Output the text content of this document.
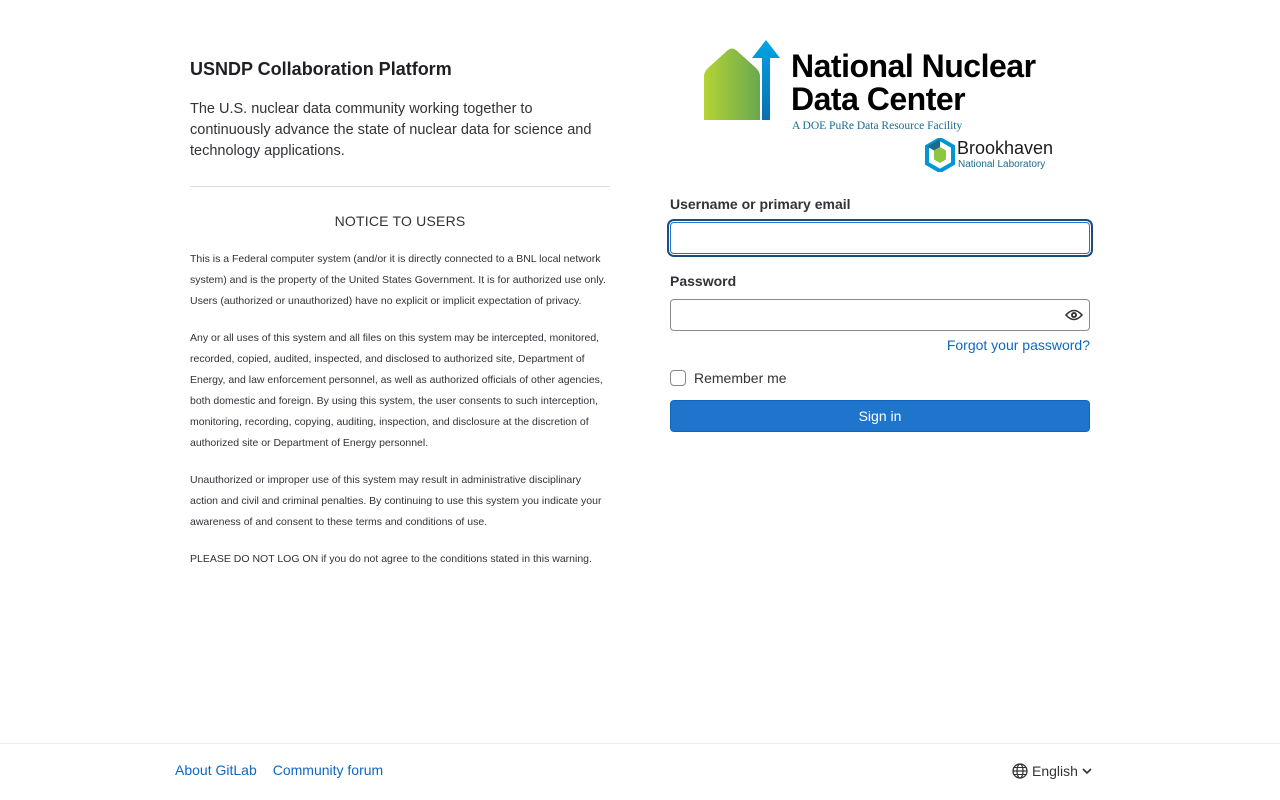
USNDP Collaboration Platform

The U.S. nuclear data community working together to continuously advance the state of nuclear data for science and technology applications.

NOTICE TO USERS

This is a Federal computer system (and/or it is directly connected to a BNL local network system) and is the property of the United States Government. It is for authorized use only. Users (authorized or unauthorized) have no explicit or implicit expectation of privacy.

Any or all uses of this system and all files on this system may be intercepted, monitored, recorded, copied, audited, inspected, and disclosed to authorized site, Department of Energy, and law enforcement personnel, as well as authorized officials of other agencies, both domestic and foreign. By using this system, the user consents to such interception, monitoring, recording, copying, auditing, inspection, and disclosure at the discretion of authorized site or Department of Energy personnel.

Unauthorized or improper use of this system may result in administrative disciplinary action and civil and criminal penalties. By continuing to use this system you indicate your awareness of and consent to these terms and conditions of use.

PLEASE DO NOT LOG ON if you do not agree to the conditions stated in this warning.

National Nuclear
Data Center
A DOE PuRe Data Resource Facility
Brookhaven
National Laboratory
Username or primary email
Password
Forgot your password?
Remember me
Sign in
About GitLab Community forum	English
